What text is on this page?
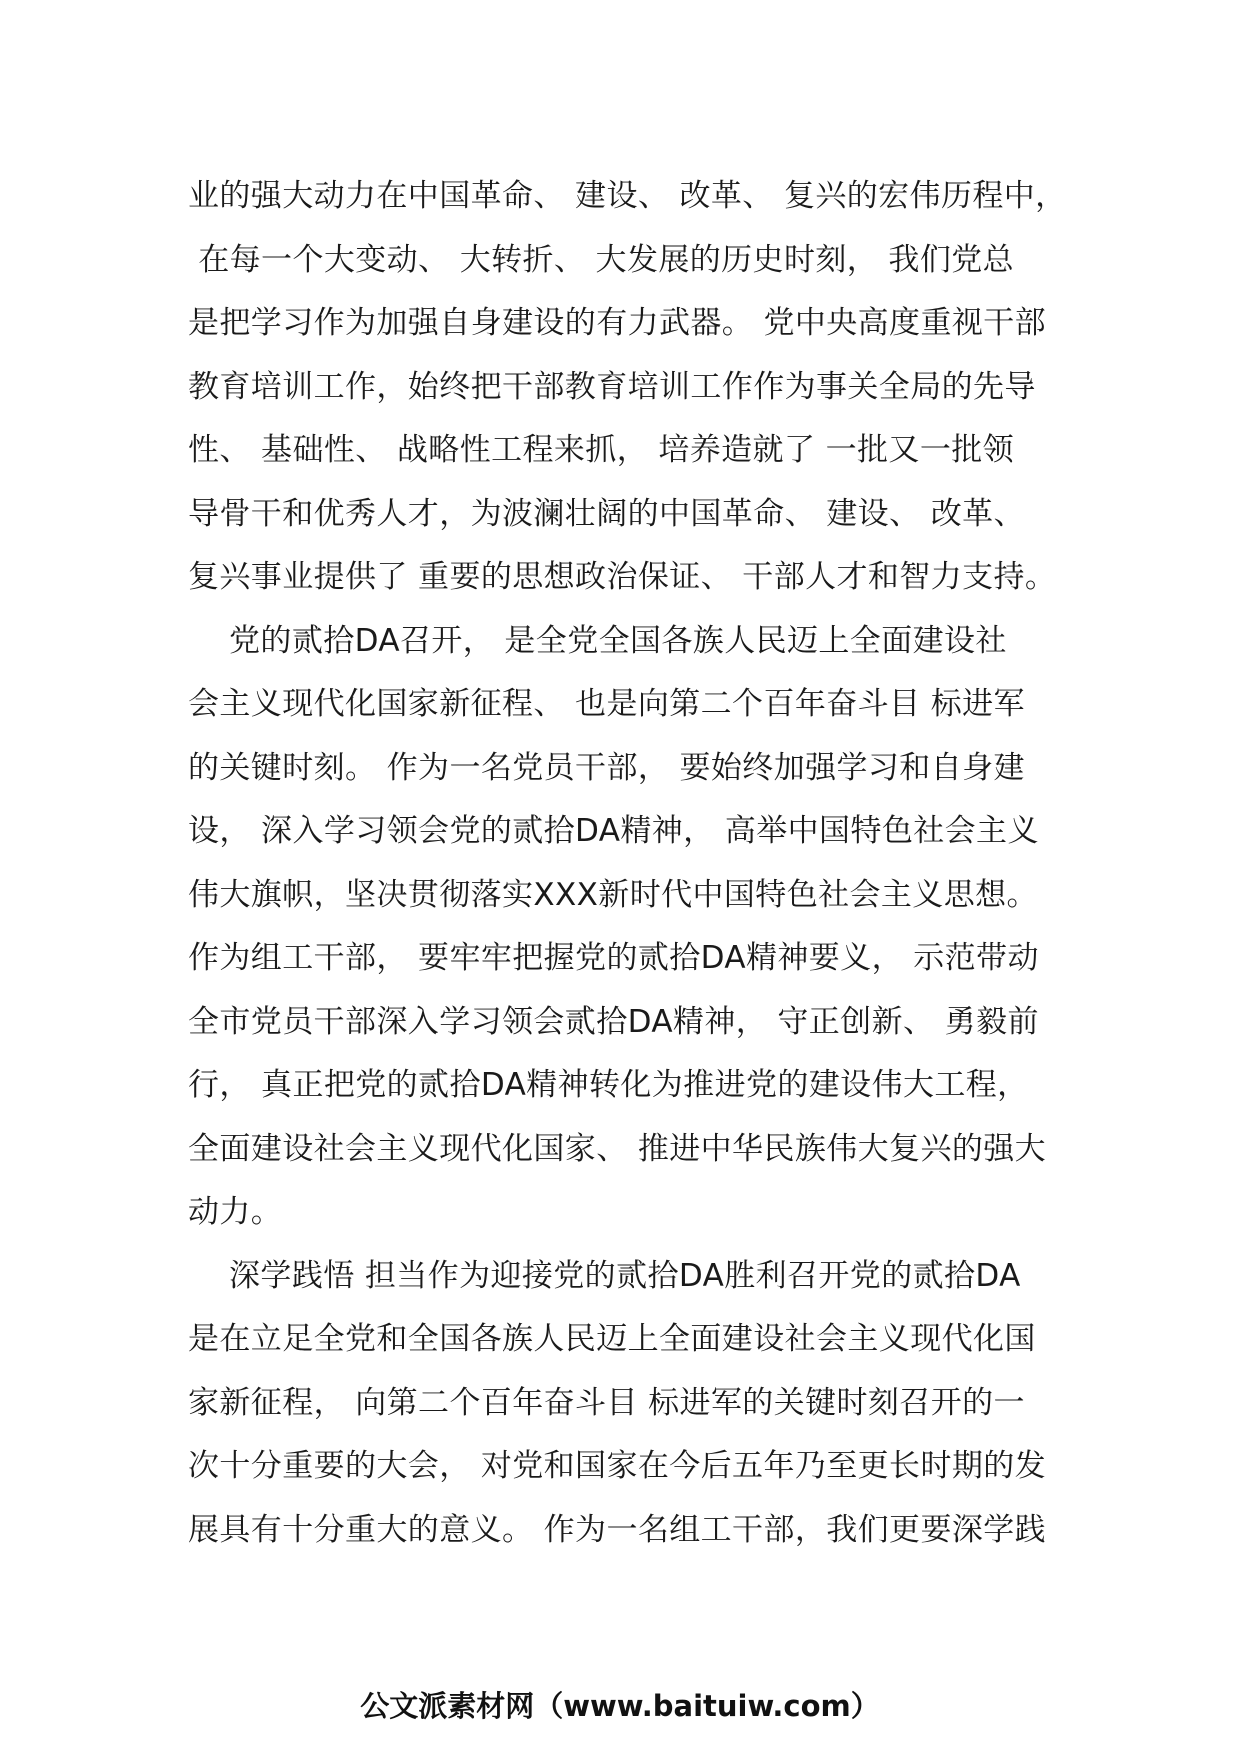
业的强大动力在中国革命、 建设、 改革、 复兴的宏伟历程中，
在每一个大变动、 大转折、 大发展的历史时刻， 我们党总
是把学习作为加强自身建设的有力武器。 党中央高度重视干部
教育培训工作，始终把干部教育培训工作作为事关全局的先导
性、 基础性、 战略性工程来抓， 培养造就了 一批又一批领
导骨干和优秀人才，为波澜壮阔的中国革命、 建设、 改革、
复兴事业提供了 重要的思想政治保证、 干部人才和智力支持。
党的贰拾DA召开， 是全党全国各族人民迈上全面建设社
会主义现代化国家新征程、 也是向第二个百年奋斗目 标进军
的关键时刻。 作为一名党员干部， 要始终加强学习和自身建
设， 深入学习领会党的贰拾DA精神， 高举中国特色社会主义
伟大旗帜，坚决贯彻落实XXX新时代中国特色社会主义思想。
作为组工干部， 要牢牢把握党的贰拾DA精神要义， 示范带动
全市党员干部深入学习领会贰拾DA精神， 守正创新、 勇毅前
行， 真正把党的贰拾DA精神转化为推进党的建设伟大工程，
全面建设社会主义现代化国家、 推进中华民族伟大复兴的强大
动力。
深学践悟 担当作为迎接党的贰拾DA胜利召开党的贰拾DA
是在立足全党和全国各族人民迈上全面建设社会主义现代化国
家新征程， 向第二个百年奋斗目 标进军的关键时刻召开的一
次十分重要的大会， 对党和国家在今后五年乃至更长时期的发
展具有十分重大的意义。 作为一名组工干部，我们更要深学践
公文派素材网（www.baituiw.com）
